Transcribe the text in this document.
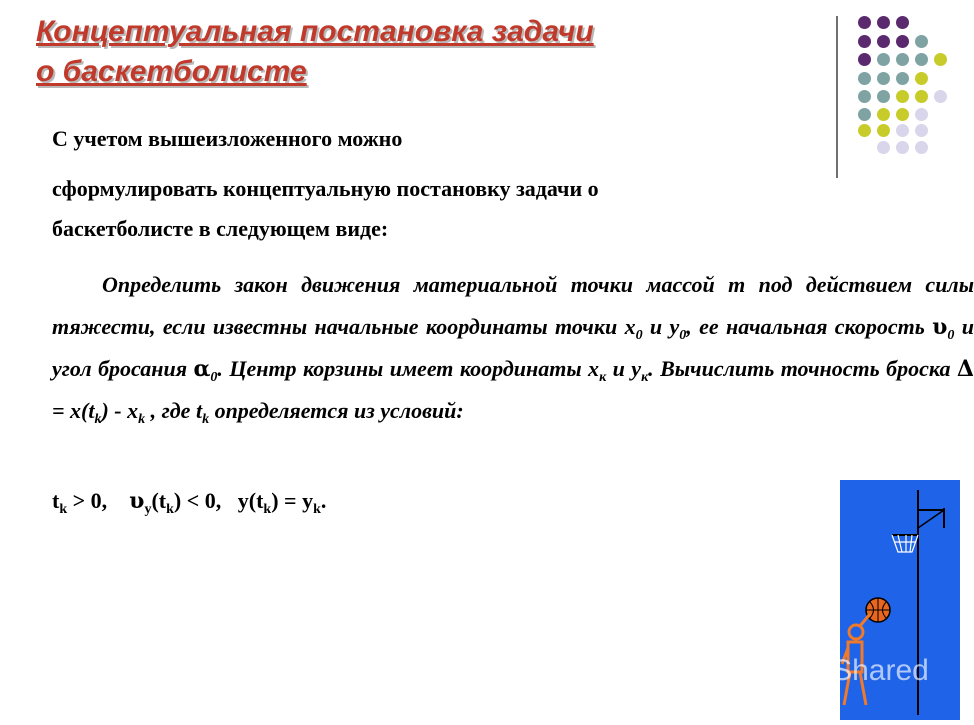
Концептуальная постановка задачи
о баскетболисте

С учетом вышеизложенного можно

сформулировать концептуальную постановку задачи о

баскетболисте в следующем виде:

Определить закон движения материальной точки массой m под действием силы тяжести, если известны начальные координаты точки $x_0$ и $y_0$, ее начальная скорость $\upsilon_0$ и угол бросания $\alpha_0$. Центр корзины имеет координаты $x_к$ и $y_к$. Вычислить точность броска $\Delta = x(t_k) - x_k$ , где $t_k$ определяется из условий:

$t_k > 0$,    $\upsilon_y(t_k) < 0$,   $y(t_k) = y_k$.

ѴShared
